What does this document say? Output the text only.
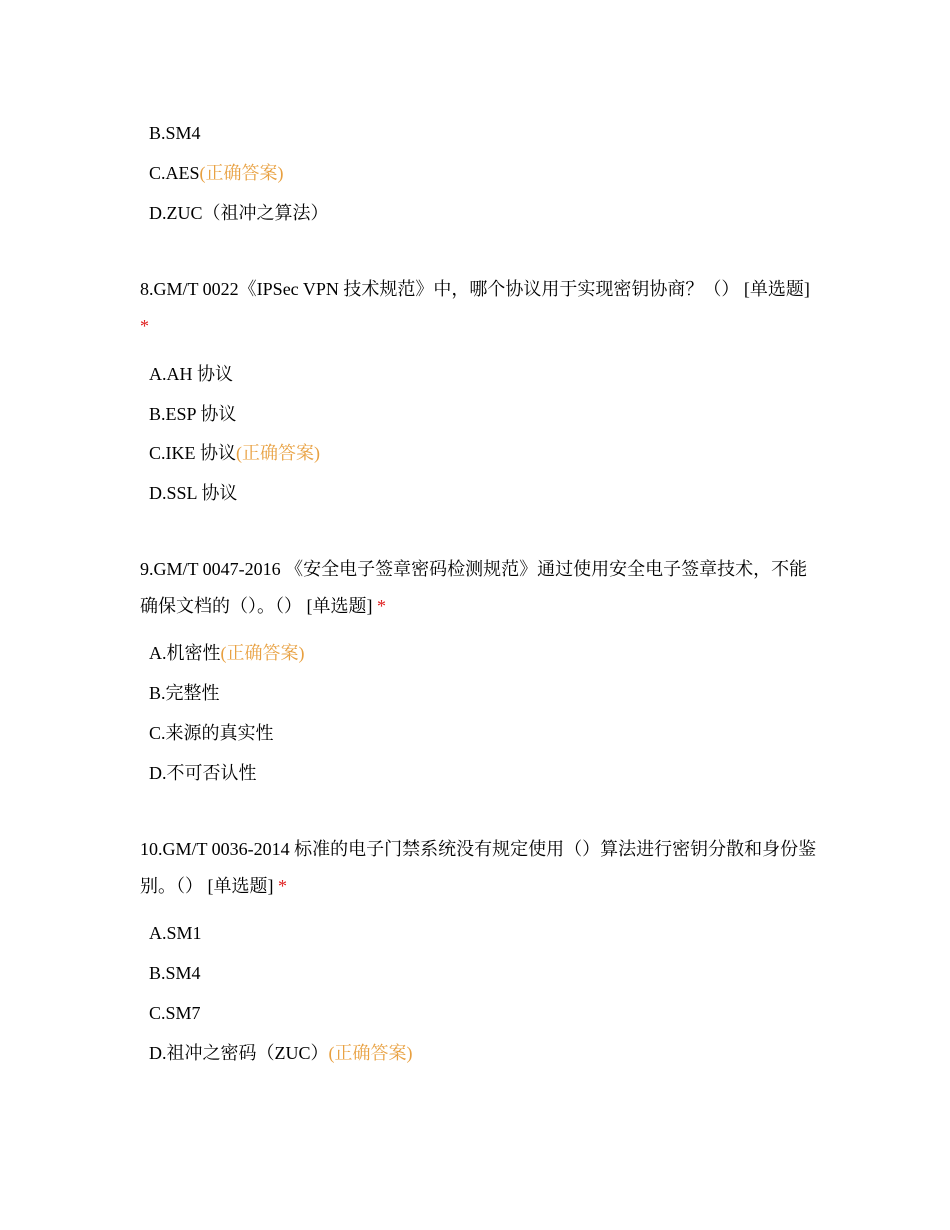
B.SM4
C.AES(正确答案)
D.ZUC（祖冲之算法）
8.GM/T 0022《IPSec VPN 技术规范》中，哪个协议用于实现密钥协商？（） [单选题] *
A.AH 协议
B.ESP 协议
C.IKE 协议(正确答案)
D.SSL 协议
9.GM/T 0047-2016 《安全电子签章密码检测规范》通过使用安全电子签章技术，不能确保文档的（）。（） [单选题] *
A.机密性(正确答案)
B.完整性
C.来源的真实性
D.不可否认性
10.GM/T 0036-2014 标准的电子门禁系统没有规定使用（）算法进行密钥分散和身份鉴别。（） [单选题] *
A.SM1
B.SM4
C.SM7
D.祖冲之密码（ZUC）(正确答案)
